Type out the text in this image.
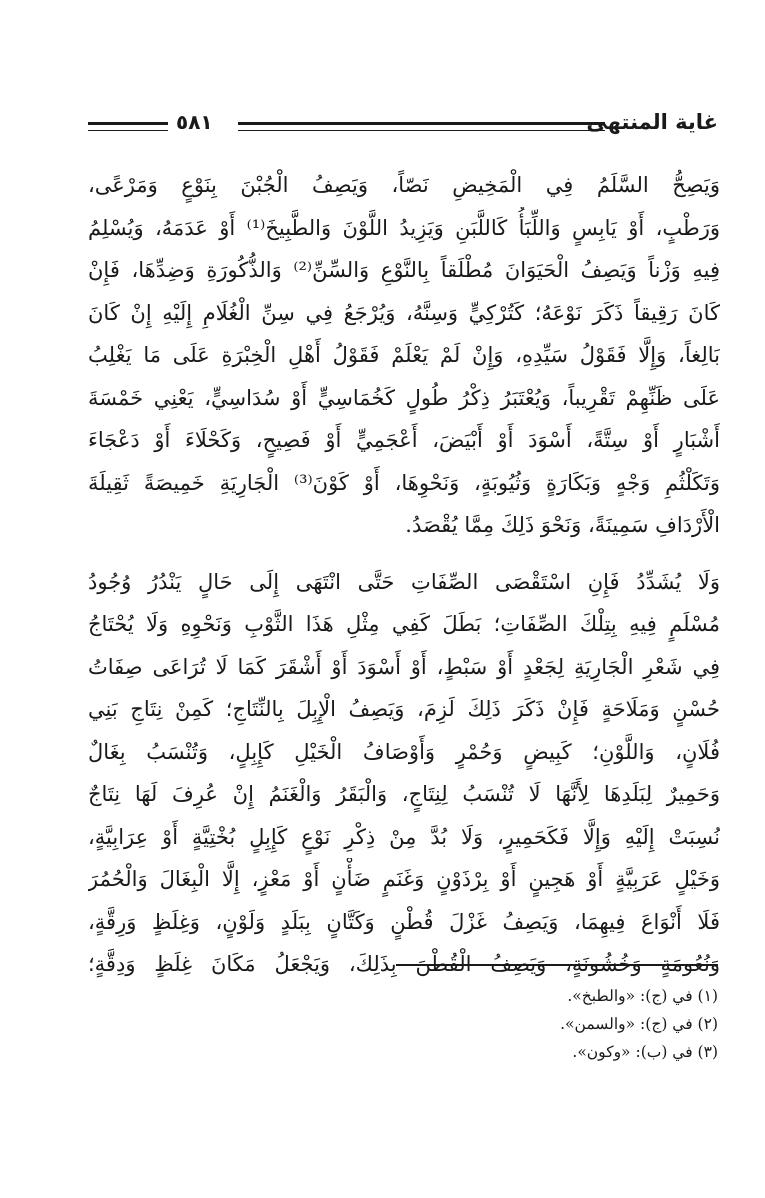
٥٨١	غاية المنتهى
وَيَصِحُّ السَّلَمُ فِي الْمَخِيضِ نَصّاً، وَيَصِفُ الْجُبْنَ بِنَوْعٍ وَمَرْعًى،
وَرَطْبٍ، أَوْ يَابِسٍ وَاللِّبَأُ كَاللَّبَنِ وَيَزِيدُ اللَّوْنَ وَالطَّبِيخَ⁽¹⁾ أَوْ عَدَمَهُ، وَيُسْلِمُ
فِيهِ وَزْناً وَيَصِفُ الْحَيَوَانَ مُطْلَقاً بِالنَّوْعِ وَالسِّنِّ⁽²⁾ وَالذُّكُورَةِ وَضِدِّهَا، فَإِنْ
كَانَ رَقِيقاً ذَكَرَ نَوْعَهُ؛ كَتُرْكِيٍّ وَسِنَّهُ، وَيُرْجَعُ فِي سِنِّ الْغُلَامِ إِلَيْهِ إِنْ كَانَ
بَالِغاً، وَإِلَّا فَقَوْلُ سَيِّدِهِ، وَإِنْ لَمْ يَعْلَمْ فَقَوْلُ أَهْلِ الْخِبْرَةِ عَلَى مَا يَغْلِبُ
عَلَى ظَنِّهِمْ تَقْرِيباً، وَيُعْتَبَرُ ذِكْرُ طُولٍ كَخُمَاسِيٍّ أَوْ سُدَاسِيٍّ، يَعْنِي خَمْسَةَ
أَشْبَارٍ أَوْ سِتَّةً، أَسْوَدَ أَوْ أَبْيَضَ، أَعْجَمِيٍّ أَوْ فَصِيحٍ، وَكَحْلَاءَ أَوْ دَعْجَاءَ
وَتَكَلْثُمِ وَجْهٍ وَبَكَارَةٍ وَثُيُوبَةٍ، وَنَحْوِهَا، أَوْ كَوْنَ⁽³⁾ الْجَارِيَةِ خَمِيصَةً ثَقِيلَةَ
الْأَرْدَافِ سَمِينَةً، وَنَحْوَ ذَلِكَ مِمَّا يُقْصَدُ.
وَلَا يُشَدِّدُ فَإِنِ اسْتَقْصَى الصِّفَاتِ حَتَّى انْتَهَى إِلَى حَالٍ يَنْدُرُ وُجُودُ
مُسْلَمٍ فِيهِ بِتِلْكَ الصِّفَاتِ؛ بَطَلَ كَفِي مِثْلِ هَذَا الثَّوْبِ وَنَحْوِهِ وَلَا يُحْتَاجُ
فِي شَعْرِ الْجَارِيَةِ لِجَعْدٍ أَوْ سَبْطٍ، أَوْ أَسْوَدَ أَوْ أَشْقَرَ كَمَا لَا تُرَاعَى صِفَاتُ
حُسْنٍ وَمَلَاحَةٍ فَإِنْ ذَكَرَ ذَلِكَ لَزِمَ، وَيَصِفُ الْإِبِلَ بِالنِّتَاجِ؛ كَمِنْ نِتَاجِ بَنِي
فُلَانٍ، وَاللَّوْنِ؛ كَبِيضٍ وَحُمْرٍ وَأَوْصَافُ الْخَيْلِ كَإِبِلٍ، وَتُنْسَبُ بِغَالٌ
وَحَمِيرٌ لِبَلَدِهَا لِأَنَّهَا لَا تُنْسَبُ لِنِتَاجٍ، وَالْبَقَرُ وَالْغَنَمُ إِنْ عُرِفَ لَهَا نِتَاجٌ
نُسِبَتْ إِلَيْهِ وَإِلَّا فَكَحَمِيرٍ، وَلَا بُدَّ مِنْ ذِكْرِ نَوْعٍ كَإِبِلٍ بُخْتِيَّةٍ أَوْ عِرَابِيَّةٍ،
وَخَيْلٍ عَرَبِيَّةٍ أَوْ هَجِينٍ أَوْ بِرْذَوْنٍ وَغَنَمٍ ضَأْنٍ أَوْ مَعْزٍ، إِلَّا الْبِغَالَ وَالْحُمُرَ
فَلَا أَنْوَاعَ فِيهِمَا، وَيَصِفُ غَزْلَ قُطْنٍ وَكَتَّانٍ بِبَلَدٍ وَلَوْنٍ، وَغِلَظٍ وَرِقَّةٍ،
وَنُعُومَةٍ وَخُشُونَةٍ، وَيَصِفُ الْقُطْنَ بِذَلِكَ، وَيَجْعَلُ مَكَانَ غِلَظٍ وَدِقَّةٍ؛
(١) في (ج): «والطبخ».
(٢) في (ج): «والسمن».
(٣) في (ب): «وكون».
